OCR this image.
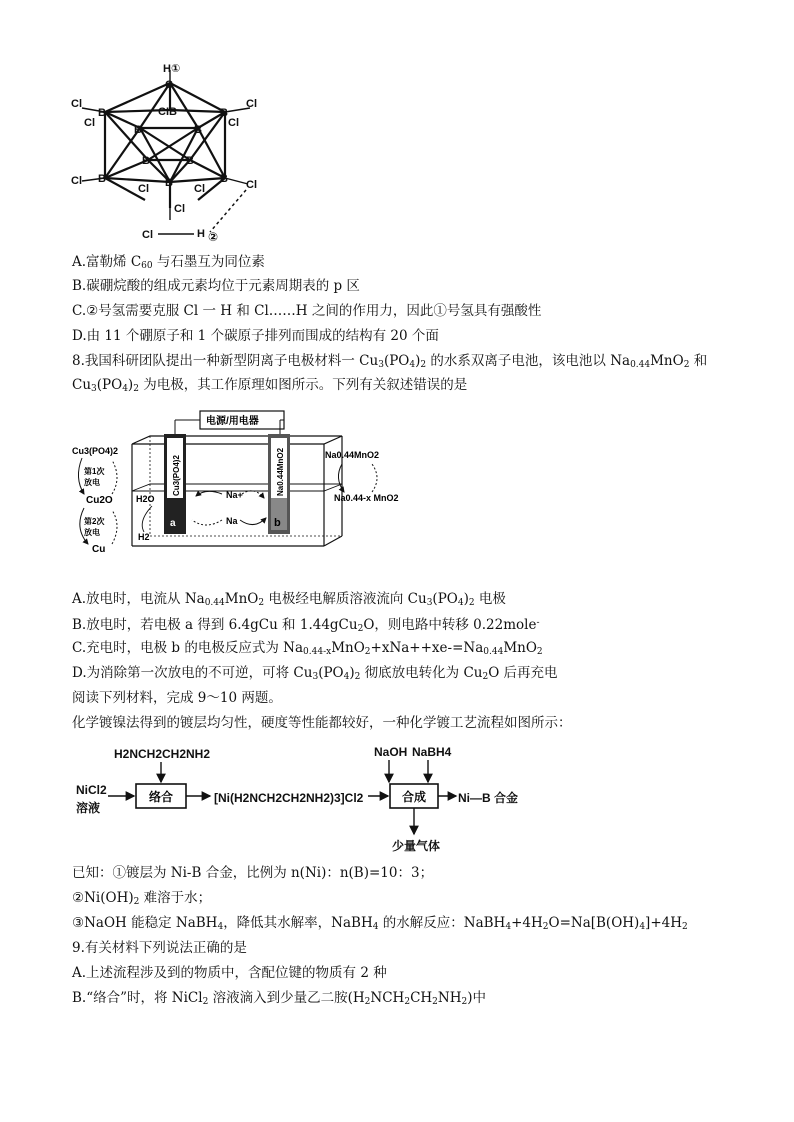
H①
C
CIB
B	B
B	B
B	B
B	B
B
Cl	Cl
Cl	Cl
Cl	Cl
Cl	Cl
Cl
Cl	H ②
A.富勒烯 $C_{60}$ 与石墨互为同位素
B.碳硼烷酸的组成元素均位于元素周期表的 p 区
C.②号氢需要克服 Cl 一 H 和 Cl……H 之间的作用力，因此①号氢具有强酸性
D.由 11 个硼原子和 1 个碳原子排列而围成的结构有 20 个面
8.我国科研团队提出一种新型阴离子电极材料一 $Cu_3(PO_4)_2$ 的水系双离子电池，该电池以 $Na_{0.44}MnO_2$ 和
$Cu_3(PO_4)_2$ 为电极，其工作原理如图所示。下列有关叙述错误的是
电源/用电器
Cu3(PO4)2
a
Na0.44MnO2
b
H2O
H2
Na+
Na
Cu3(PO4)2
第1次
放电
Cu2O
第2次
放电
Cu
Na0.44MnO2
Na0.44-x MnO2
A.放电时，电流从 $Na_{0.44}MnO_2$ 电极经电解质溶液流向 $Cu_3(PO_4)_2$ 电极
B.放电时，若电极 a 得到 6.4gCu 和 1.44gCu$_2$O，则电路中转移 0.22mole-
C.充电时，电极 b 的电极反应式为 $Na_{0.44-x}MnO_2+xNa++xe-=Na_{0.44}MnO_2$
D.为消除第一次放电的不可逆，可将 $Cu_3(PO_4)_2$ 彻底放电转化为 $Cu_2O$ 后再充电
阅读下列材料，完成 9～10 两题。
化学镀镍法得到的镀层均匀性，硬度等性能都较好，一种化学镀工艺流程如图所示：
H2NCH2CH2NH2
NiCl2
溶液
[Ni(H2NCH2CH2NH2)3]Cl2
NaOH NaBH4
Ni—B 合金
少量气体
络合	合成
已知：①镀层为 Ni-B 合金，比例为 n(Ni)：n(B)=10：3；
$②Ni(OH)_2$ 难溶于水；
③NaOH 能稳定 NaBH$_4$，降低其水解率，NaBH$_4$ 的水解反应：$NaBH_4+4H_2O=Na[B(OH)_4]+4H_2$
9.有关材料下列说法正确的是
A.上述流程涉及到的物质中，含配位键的物质有 2 种
B.“络合”时，将 NiCl$_2$ 溶液滴入到少量乙二胺$(H_2NCH_2CH_2NH_2)$中
